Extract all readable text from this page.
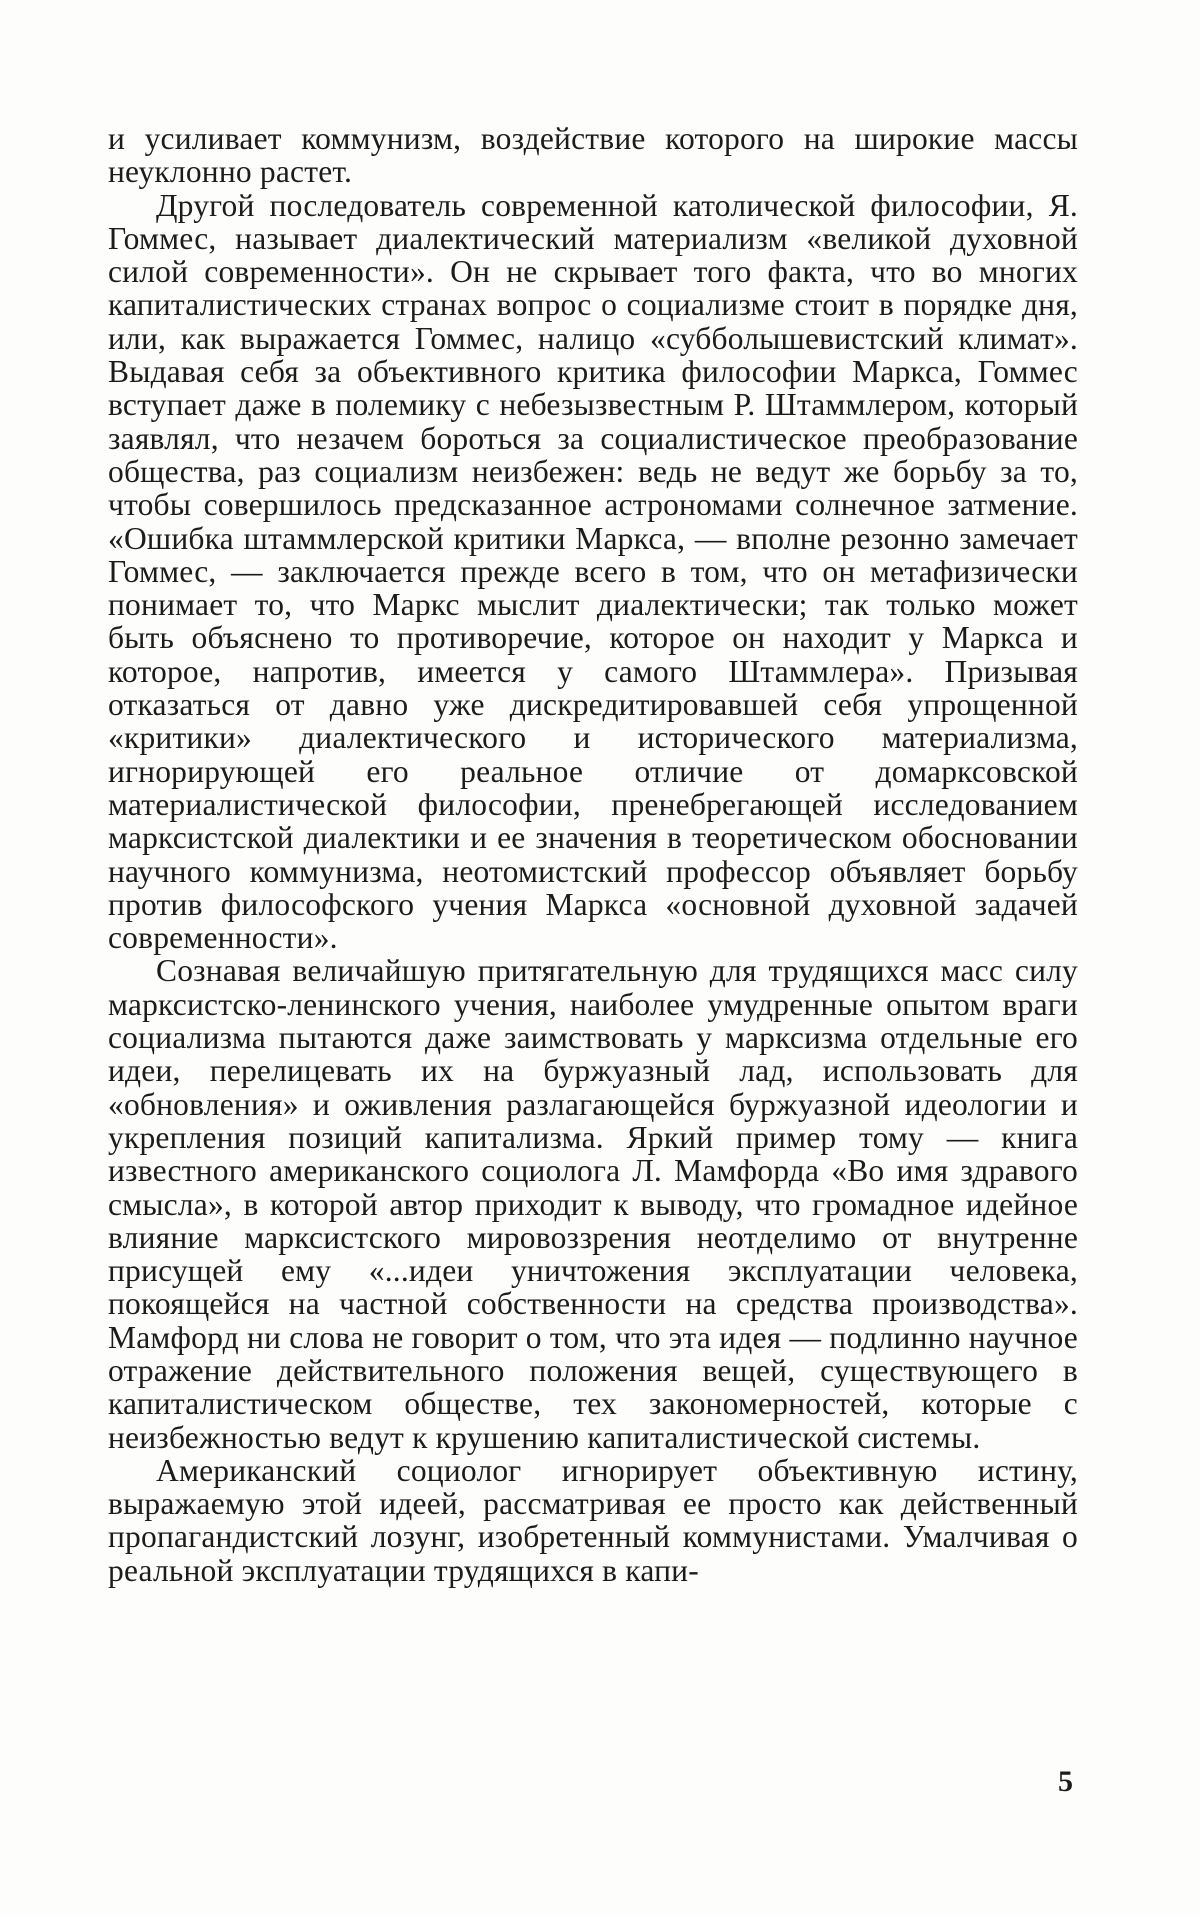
и усиливает коммунизм, воздействие которого на широкие массы неуклонно растет.

Другой последователь современной католической философии, Я. Гоммес, называет диалектический материализм «великой духовной силой современности». Он не скрывает того факта, что во многих капиталистических странах вопрос о социализме стоит в порядке дня, или, как выражается Гоммес, налицо «субболышевистский климат». Выдавая себя за объективного критика философии Маркса, Гоммес вступает даже в полемику с небезызвестным Р. Штаммлером, который заявлял, что незачем бороться за социалистическое преобразование общества, раз социализм неизбежен: ведь не ведут же борьбу за то, чтобы совершилось предсказанное астрономами солнечное затмение. «Ошибка штаммлерской критики Маркса, — вполне резонно замечает Гоммес, — заключается прежде всего в том, что он метафизически понимает то, что Маркс мыслит диалектически; так только может быть объяснено то противоречие, которое он находит у Маркса и которое, напротив, имеется у самого Штаммлера». Призывая отказаться от давно уже дискредитировавшей себя упрощенной «критики» диалектического и исторического материализма, игнорирующей его реальное отличие от домарксовской материалистической философии, пренебрегающей исследованием марксистской диалектики и ее значения в теоретическом обосновании научного коммунизма, неотомистский профессор объявляет борьбу против философского учения Маркса «основной духовной задачей современности».

Сознавая величайшую притягательную для трудящихся масс силу марксистско-ленинского учения, наиболее умудренные опытом враги социализма пытаются даже заимствовать у марксизма отдельные его идеи, перелицевать их на буржуазный лад, использовать для «обновления» и оживления разлагающейся буржуазной идеологии и укрепления позиций капитализма. Яркий пример тому — книга известного американского социолога Л. Мамфорда «Во имя здравого смысла», в которой автор приходит к выводу, что громадное идейное влияние марксистского мировоззрения неотделимо от внутренне присущей ему «...идеи уничтожения эксплуатации человека, покоящейся на частной собственности на средства производства». Мамфорд ни слова не говорит о том, что эта идея — подлинно научное отражение действительного положения вещей, существующего в капиталистическом обществе, тех закономерностей, которые с неизбежностью ведут к крушению капиталистической системы.

Американский социолог игнорирует объективную истину, выражаемую этой идеей, рассматривая ее просто как действенный пропагандистский лозунг, изобретенный коммунистами. Умалчивая о реальной эксплуатации трудящихся в капи-

5
